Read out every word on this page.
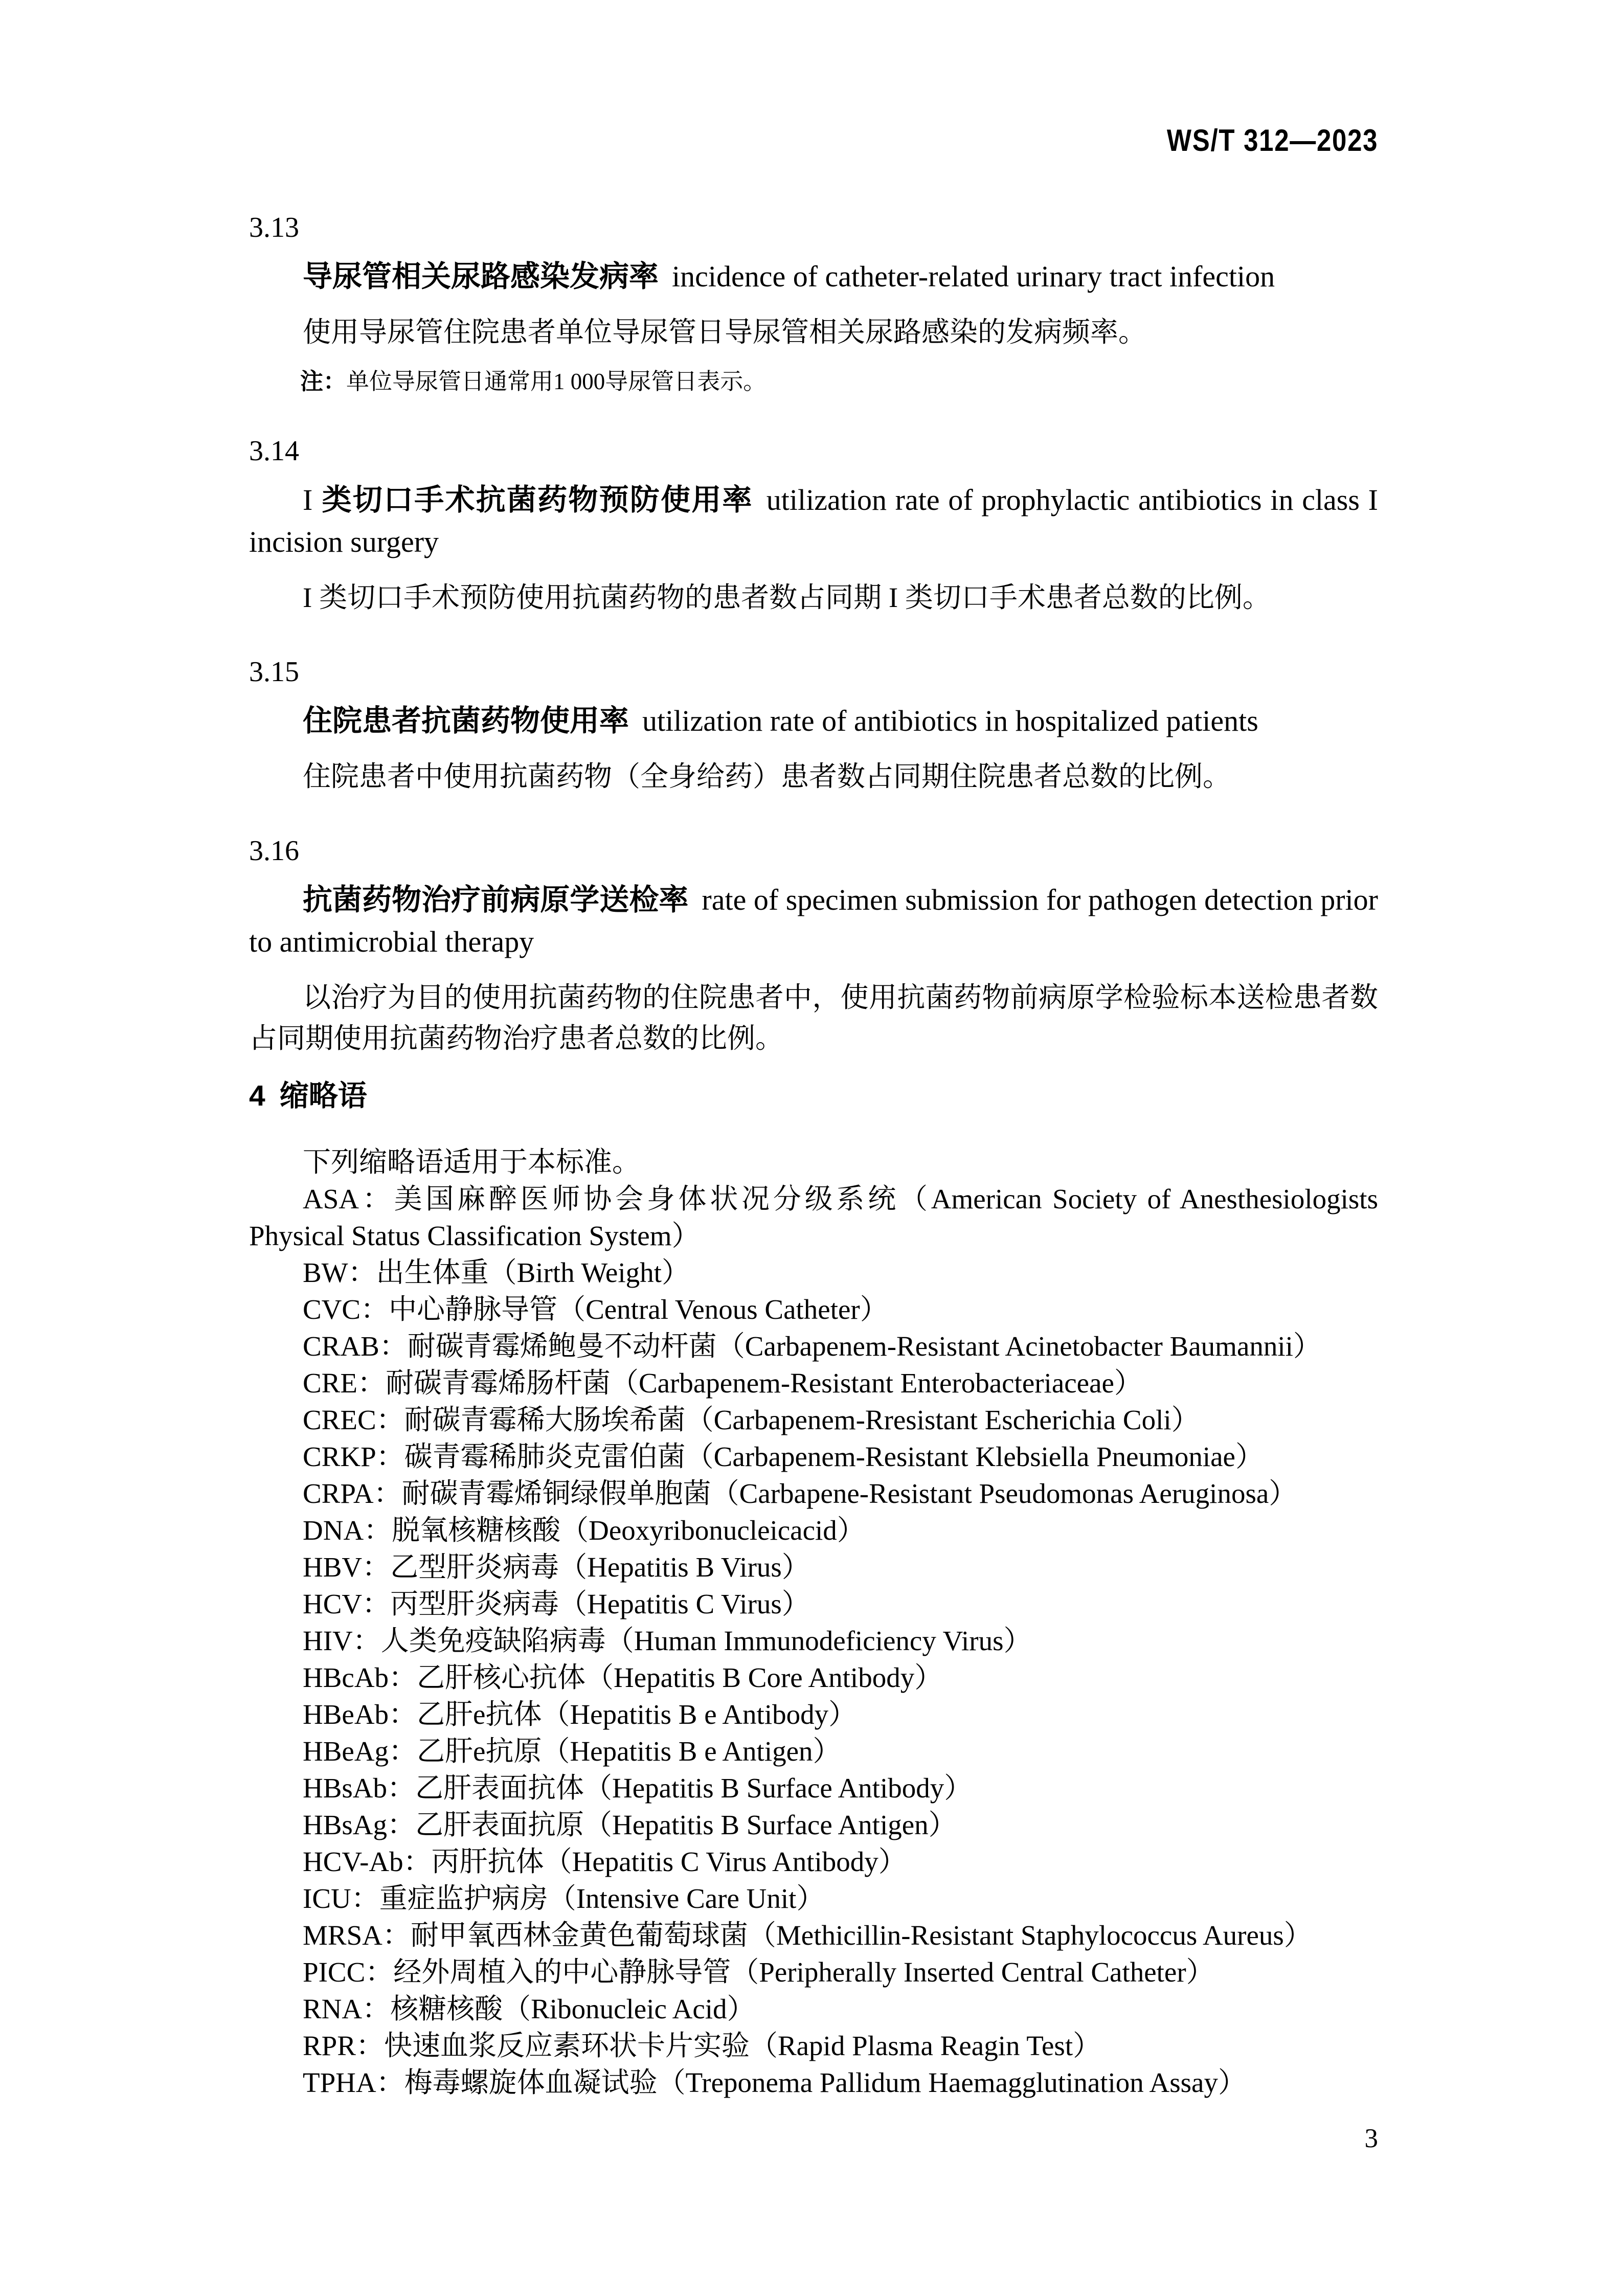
WS/T 312—2023

3.13

导尿管相关尿路感染发病率 incidence of catheter-related urinary tract infection

使用导尿管住院患者单位导尿管日导尿管相关尿路感染的发病频率。

注：单位导尿管日通常用1 000导尿管日表示。

3.14

I 类切口手术抗菌药物预防使用率 utilization rate of prophylactic antibiotics in class I incision surgery

I 类切口手术预防使用抗菌药物的患者数占同期 I 类切口手术患者总数的比例。

3.15

住院患者抗菌药物使用率 utilization rate of antibiotics in hospitalized patients

住院患者中使用抗菌药物（全身给药）患者数占同期住院患者总数的比例。

3.16

抗菌药物治疗前病原学送检率 rate of specimen submission for pathogen detection prior to antimicrobial therapy

以治疗为目的使用抗菌药物的住院患者中，使用抗菌药物前病原学检验标本送检患者数占同期使用抗菌药物治疗患者总数的比例。

4 缩略语

下列缩略语适用于本标准。

ASA：美国麻醉医师协会身体状况分级系统（American Society of Anesthesiologists Physical Status Classification System）

BW：出生体重（Birth Weight）

CVC：中心静脉导管（Central Venous Catheter）

CRAB：耐碳青霉烯鲍曼不动杆菌（Carbapenem-Resistant Acinetobacter Baumannii）

CRE：耐碳青霉烯肠杆菌（Carbapenem-Resistant Enterobacteriaceae）

CREC：耐碳青霉稀大肠埃希菌（Carbapenem-Rresistant Escherichia Coli）

CRKP：碳青霉稀肺炎克雷伯菌（Carbapenem-Resistant Klebsiella Pneumoniae）

CRPA：耐碳青霉烯铜绿假单胞菌（Carbapene-Resistant Pseudomonas Aeruginosa）

DNA：脱氧核糖核酸（Deoxyribonucleicacid）

HBV：乙型肝炎病毒（Hepatitis B Virus）

HCV：丙型肝炎病毒（Hepatitis C Virus）

HIV：人类免疫缺陷病毒（Human Immunodeficiency Virus）

HBcAb：乙肝核心抗体（Hepatitis B Core Antibody）

HBeAb：乙肝e抗体（Hepatitis B e Antibody）

HBeAg：乙肝e抗原（Hepatitis B e Antigen）

HBsAb：乙肝表面抗体（Hepatitis B Surface Antibody）

HBsAg：乙肝表面抗原（Hepatitis B Surface Antigen）

HCV-Ab：丙肝抗体（Hepatitis C Virus Antibody）

ICU：重症监护病房（Intensive Care Unit）

MRSA：耐甲氧西林金黄色葡萄球菌（Methicillin-Resistant Staphylococcus Aureus）

PICC：经外周植入的中心静脉导管（Peripherally Inserted Central Catheter）

RNA：核糖核酸（Ribonucleic Acid）

RPR：快速血浆反应素环状卡片实验（Rapid Plasma Reagin Test）

TPHA：梅毒螺旋体血凝试验（Treponema Pallidum Haemagglutination Assay）

3
